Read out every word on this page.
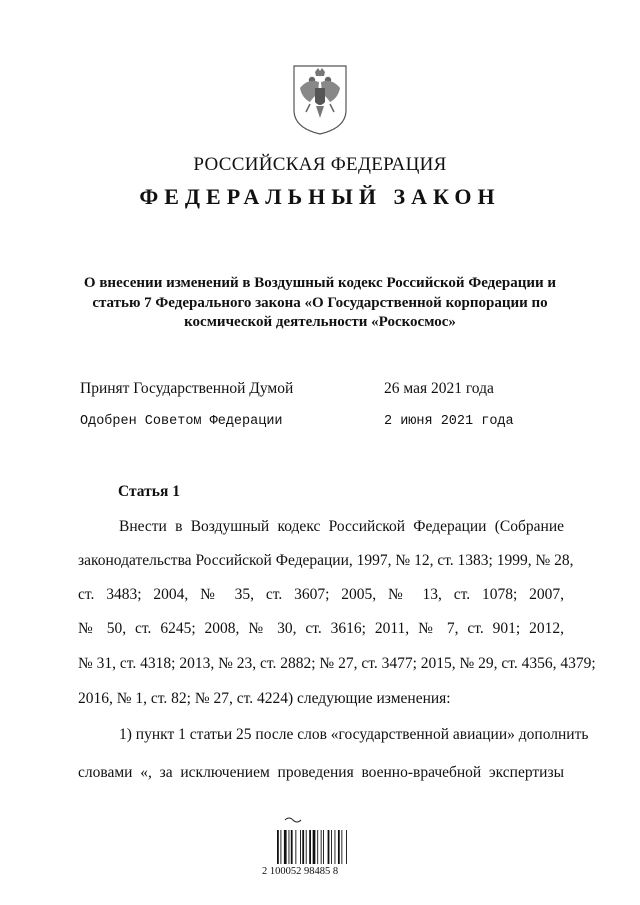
РОССИЙСКАЯ ФЕДЕРАЦИЯ
ФЕДЕРАЛЬНЫЙ ЗАКОН
О внесении изменений в Воздушный кодекс Российской Федерации и статью 7 Федерального закона «О Государственной корпорации по космической деятельности «Роскосмос»
Принят Государственной Думой	26 мая 2021 года
Одобрен Советом Федерации	2 июня 2021 года
Статья 1
Внести в Воздушный кодекс Российской Федерации (Собрание
законодательства Российской Федерации, 1997, № 12, ст. 1383; 1999, № 28,
ст. 3483; 2004, № 35, ст. 3607; 2005, № 13, ст. 1078; 2007,
№ 50, ст. 6245; 2008, № 30, ст. 3616; 2011, № 7, ст. 901; 2012,
№ 31, ст. 4318; 2013, № 23, ст. 2882; № 27, ст. 3477; 2015, № 29, ст. 4356, 4379;
2016, № 1, ст. 82; № 27, ст. 4224) следующие изменения:
1) пункт 1 статьи 25 после слов «государственной авиации» дополнить
словами «, за исключением проведения военно-врачебной экспертизы
2 100052 98485 8
